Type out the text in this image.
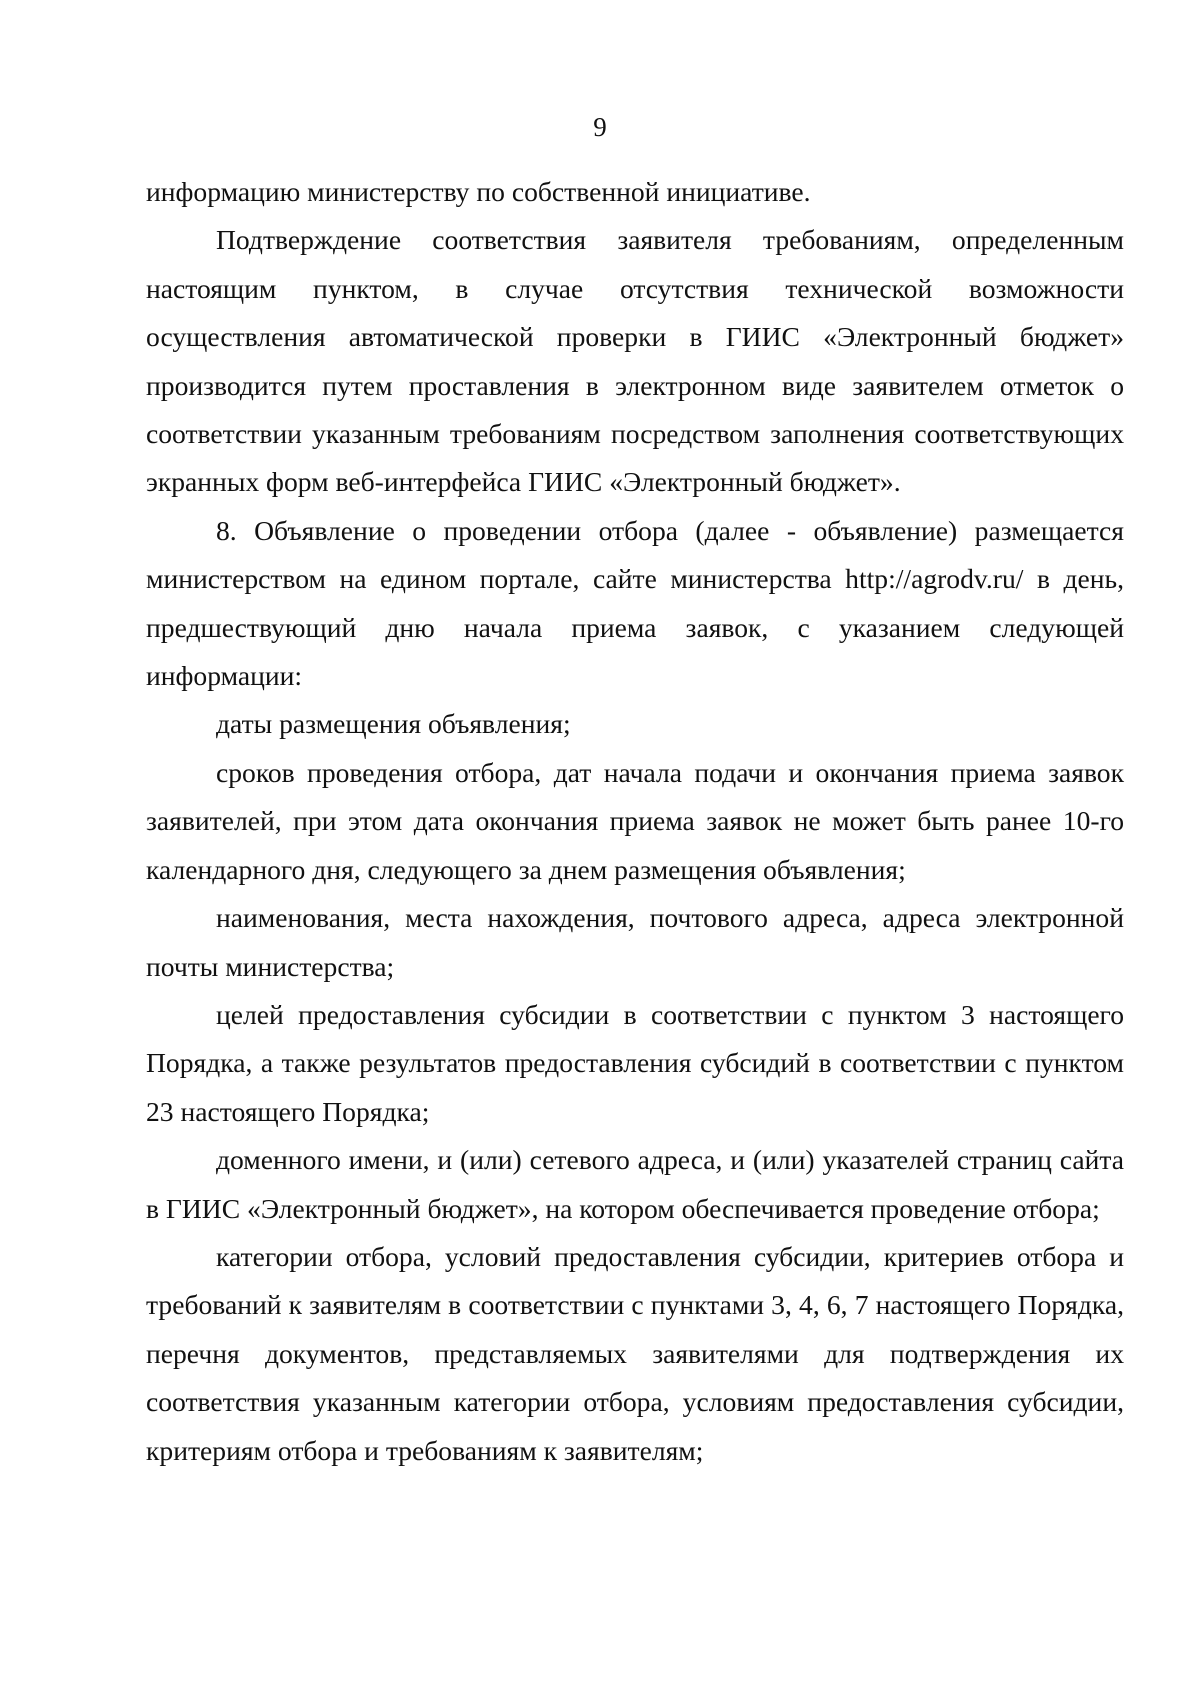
9

информацию министерству по собственной инициативе.

Подтверждение соответствия заявителя требованиям, определенным настоящим пунктом, в случае отсутствия технической возможности осуществления автоматической проверки в ГИИС «Электронный бюджет» производится путем проставления в электронном виде заявителем отметок о соответствии указанным требованиям посредством заполнения соответствующих экранных форм веб-интерфейса ГИИС «Электронный бюджет».

8. Объявление о проведении отбора (далее - объявление) размещается министерством на едином портале, сайте министерства http://agrodv.ru/ в день, предшествующий дню начала приема заявок, с указанием следующей информации:

даты размещения объявления;

сроков проведения отбора, дат начала подачи и окончания приема заявок заявителей, при этом дата окончания приема заявок не может быть ранее 10-го календарного дня, следующего за днем размещения объявления;

наименования, места нахождения, почтового адреса, адреса электронной почты министерства;

целей предоставления субсидии в соответствии с пунктом 3 настоящего Порядка, а также результатов предоставления субсидий в соответствии с пунктом 23 настоящего Порядка;

доменного имени, и (или) сетевого адреса, и (или) указателей страниц сайта в ГИИС «Электронный бюджет», на котором обеспечивается проведение отбора;

категории отбора, условий предоставления субсидии, критериев отбора и требований к заявителям в соответствии с пунктами 3, 4, 6, 7 настоящего Порядка, перечня документов, представляемых заявителями для подтверждения их соответствия указанным категории отбора, условиям предоставления субсидии, критериям отбора и требованиям к заявителям;
